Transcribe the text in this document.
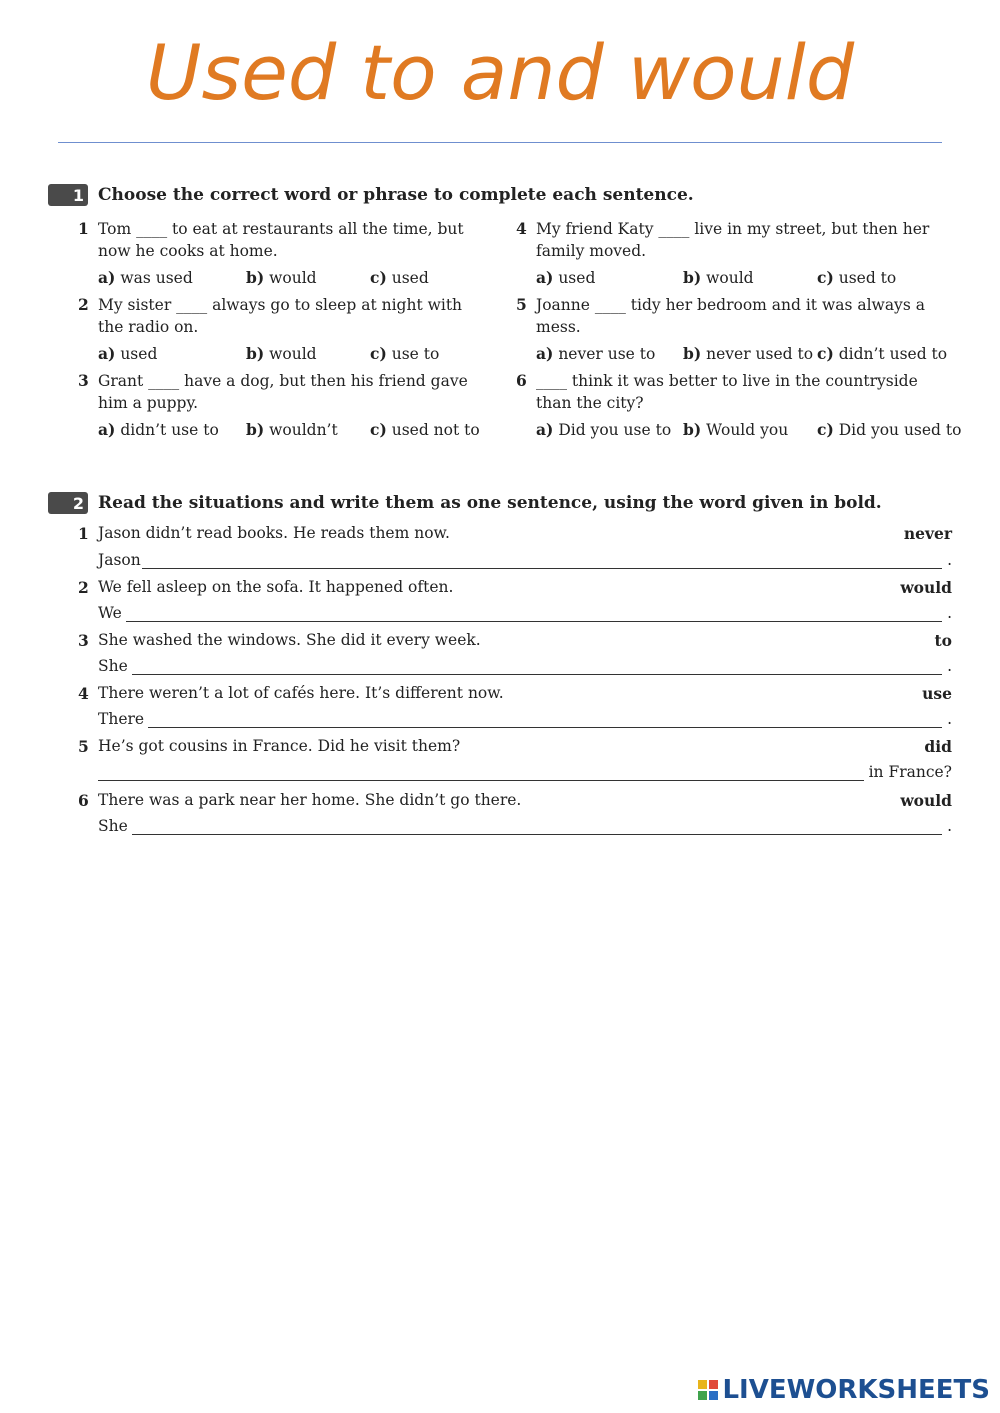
Used to and would
1 Choose the correct word or phrase to complete each sentence.
1 Tom ____ to eat at restaurants all the time, but now he cooks at home.
a) was used	b) would	c) used
2 My sister ____ always go to sleep at night with the radio on.
a) used	b) would	c) use to
3 Grant ____ have a dog, but then his friend gave him a puppy.
a) didn’t use to b) wouldn’t c) used not to
4 My friend Katy ____ live in my street, but then her family moved.
a) used	b) would	c) used to
5 Joanne ____ tidy her bedroom and it was always a mess.
a) never use to b) never used to c) didn’t used to
6 ____ think it was better to live in the countryside than the city?
a) Did you use to b) Would you c) Did you used to
2 Read the situations and write them as one sentence, using the word given in bold.
1 Jason didn’t read books. He reads them now.	never
Jason	.
2 We fell asleep on the sofa. It happened often.	would
We	.
3 She washed the windows. She did it every week.	to
She	.
4 There weren’t a lot of cafés here. It’s different now.	use
There	.
5 He’s got cousins in France. Did he visit them?	did
in France?
6 There was a park near her home. She didn’t go there.	would
She	.
LIVEWORKSHEETS
